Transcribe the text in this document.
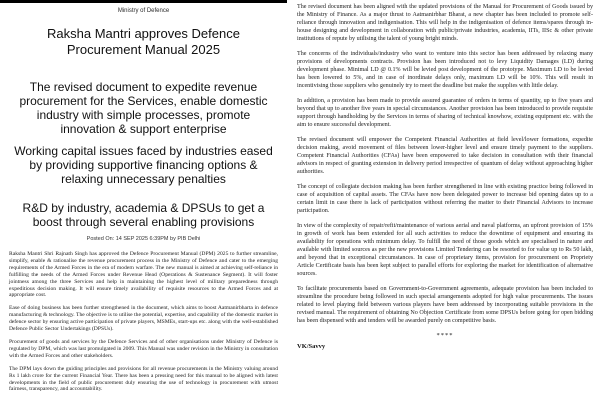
Ministry of Defence
Raksha Mantri approves Defence Procurement Manual 2025
The revised document to expedite revenue procurement for the Services, enable domestic industry with simple processes, promote innovation & support enterprise
Working capital issues faced by industries eased by providing supportive financing options & relaxing unnecessary penalties
R&D by industry, academia & DPSUs to get a boost through several enabling provisions
Posted On: 14 SEP 2025 6:39PM by PIB Delhi

Raksha Mantri Shri Rajnath Singh has approved the Defence Procurement Manual (DPM) 2025 to further streamline, simplify, enable & rationalise the revenue procurement process in the Ministry of Defence and cater to the emerging requirements of the Armed Forces in the era of modern warfare. The new manual is aimed at achieving self-reliance in fulfilling the needs of the Armed Forces under Revenue Head (Operations & Sustenance Segment). It will foster jointness among the three Services and help in maintaining the highest level of military preparedness through expeditious decision making. It will ensure timely availability of requisite resources to the Armed Forces and at appropriate cost.

Ease of doing business has been further strengthened in the document, which aims to boost Aatmanirbharta in defence manufacturing & technology. The objective is to utilise the potential, expertise, and capability of the domestic market in defence sector by ensuring active participation of private players, MSMEs, start-ups etc. along with the well-established Defence Public Sector Undertakings (DPSUs).

Procurement of goods and services by the Defence Services and of other organisations under Ministry of Defence is regulated by DPM, which was last promulgated in 2009. This Manual was under revision in the Ministry in consultation with the Armed Forces and other stakeholders.

The DPM lays down the guiding principles and provisions for all revenue procurements in the Ministry valuing around Rs 1 lakh crore for the current Financial Year. There has been a pressing need for this manual to be aligned with latest developments in the field of public procurement duly ensuring the use of technology in procurement with utmost fairness, transparency, and accountability.

The revised document has been aligned with the updated provisions of the Manual for Procurement of Goods issued by the Ministry of Finance. As a major thrust to Aatmanirbhar Bharat, a new chapter has been included to promote self-reliance through innovation and indigenisation. This will help in the indigenisation of defence items/spares through in-house designing and development in collaboration with public/private industries, academia, IITs, IISc & other private institutions of repute by utilising the talent of young bright minds.

The concerns of the individuals/industry who want to venture into this sector has been addressed by relaxing many provisions of developments contracts. Provision has been introduced not to levy Liquidity Damages (LD) during development phase. Minimal LD @ 0.1% will be levied post development of the prototype. Maximum LD to be levied has been lowered to 5%, and in case of inordinate delays only, maximum LD will be 10%. This will result in incentivising those suppliers who genuinely try to meet the deadline but make the supplies with little delay.

In addition, a provision has been made to provide assured guarantee of orders in terms of quantity, up to five years and beyond that up to another five years in special circumstances. Another provision has been introduced to provide requisite support through handholding by the Services in terms of sharing of technical knowhow, existing equipment etc. with the aim to ensure successful development.

The revised document will empower the Competent Financial Authorities at field level/lower formations, expedite decision making, avoid movement of files between lower-higher level and ensure timely payment to the suppliers. Competent Financial Authorities (CFAs) have been empowered to take decision in consultation with their financial advisors in respect of granting extension in delivery period irrespective of quantum of delay without approaching higher authorities.

The concept of collegiate decision making has been further strengthened in line with existing practice being followed in case of acquisition of capital assets. The CFAs have now been delegated power to increase bid opening dates up to a certain limit in case there is lack of participation without referring the matter to their Financial Advisors to increase participation.

In view of the complexity of repair/refit/maintenance of various aerial and naval platforms, an upfront provision of 15% in growth of work has been extended for all such activities to reduce the downtime of equipment and ensuring its availability for operations with minimum delay. To fulfill the need of those goods which are specialised in nature and available with limited sources as per the new provisions Limited Tendering can be resorted to for value up to Rs 50 lakh, and beyond that in exceptional circumstances. In case of proprietary items, provision for procurement on Propriety Article Certificate basis has been kept subject to parallel efforts for exploring the market for identification of alternative sources.

To facilitate procurements based on Government-to-Government agreements, adequate provision has been included to streamline the procedure being followed in such special arrangements adopted for high value procurements. The issues related to level playing field between various players have been addressed by incorporating suitable provisions in the revised manual. The requirement of obtaining No Objection Certificate from some DPSUs before going for open bidding has been dispensed with and tenders will be awarded purely on competitive basis.

****
VK/Savvy
